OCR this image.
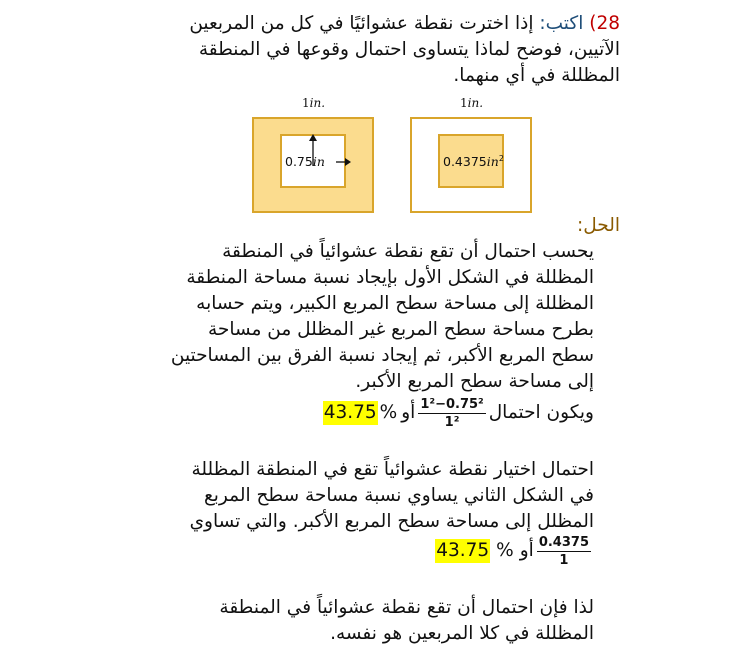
28) اكتب: إذا اخترت نقطة عشوائيًا في كل من المربعين
الآتيين، فوضح لماذا يتساوى احتمال وقوعها في المنطقة
المظللة في أي منهما.
1in.
0.75in
1in.
$0.4375in^2$
الحل:
يحسب احتمال أن تقع نقطة عشوائياً في المنطقة
المظللة في الشكل الأول بإيجاد نسبة مساحة المنطقة
المظللة إلى مساحة سطح المربع الكبير، ويتم حسابه
بطرح مساحة سطح المربع غير المظلل من مساحة
سطح المربع الأكبر، ثم إيجاد نسبة الفرق بين المساحتين
إلى مساحة سطح المربع الأكبر.
ويكون احتمال
$\frac{\text{1²−0.75²}}{\text{1²}}$
أو
%
43.75
احتمال اختيار نقطة عشوائياً تقع في المنطقة المظللة
في الشكل الثاني يساوي نسبة مساحة سطح المربع
المظلل إلى مساحة سطح المربع الأكبر. والتي تساوي
$\frac{0.4375}{1}$
أو
%
43.75
لذا فإن احتمال أن تقع نقطة عشوائياً في المنطقة
المظللة في كلا المربعين هو نفسه.
